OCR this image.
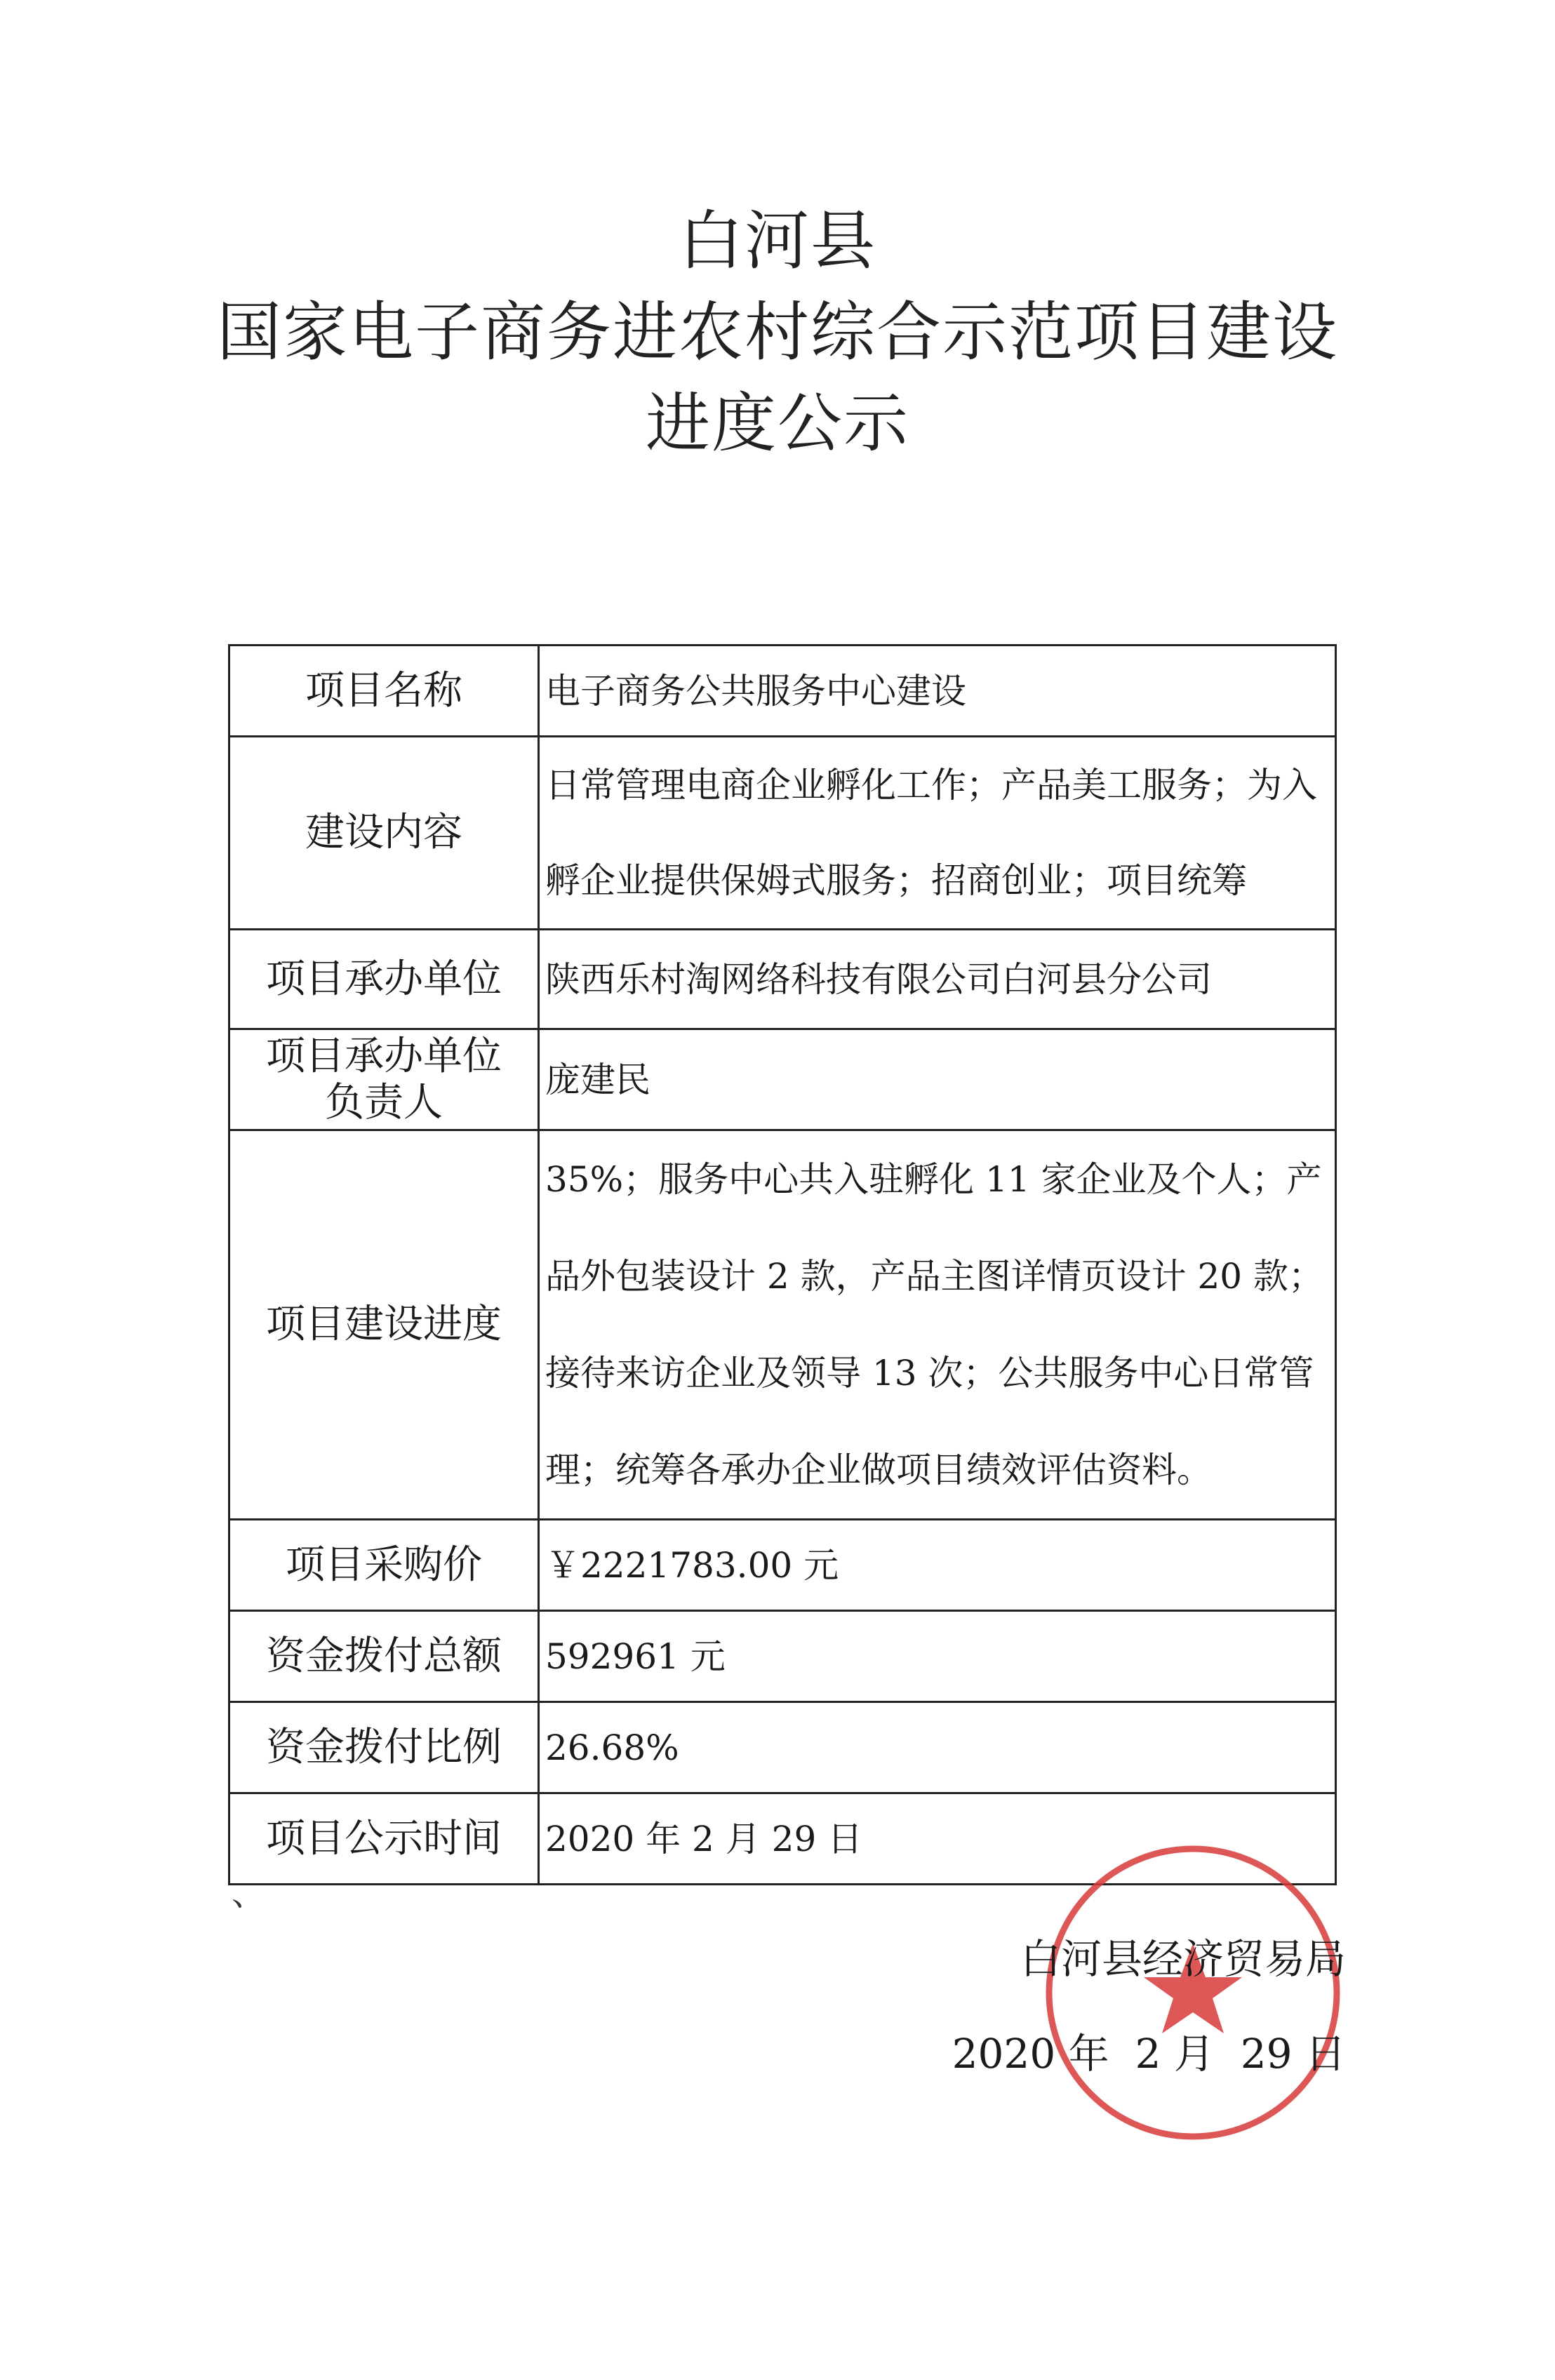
白河县
国家电子商务进农村综合示范项目建设
进度公示
项目名称	电子商务公共服务中心建设
建设内容	日常管理电商企业孵化工作；产品美工服务；为入孵企业提供保姆式服务；招商创业；项目统筹

项目承办单位	陕西乐村淘网络科技有限公司白河县分公司

项目承办单位负责人	庞建民
项目建设进度	35%；服务中心共入驻孵化 11 家企业及个人；产品外包装设计 2 款，产品主图详情页设计 20 款；接待来访企业及领导 13 次；公共服务中心日常管理；统筹各承办企业做项目绩效评估资料。

项目采购价	￥2221783.00 元
资金拨付总额	592961 元
资金拨付比例	26.68%
项目公示时间	2020 年 2 月 29 日
、
白河县经济贸易局
2020 年  2 月  29 日
